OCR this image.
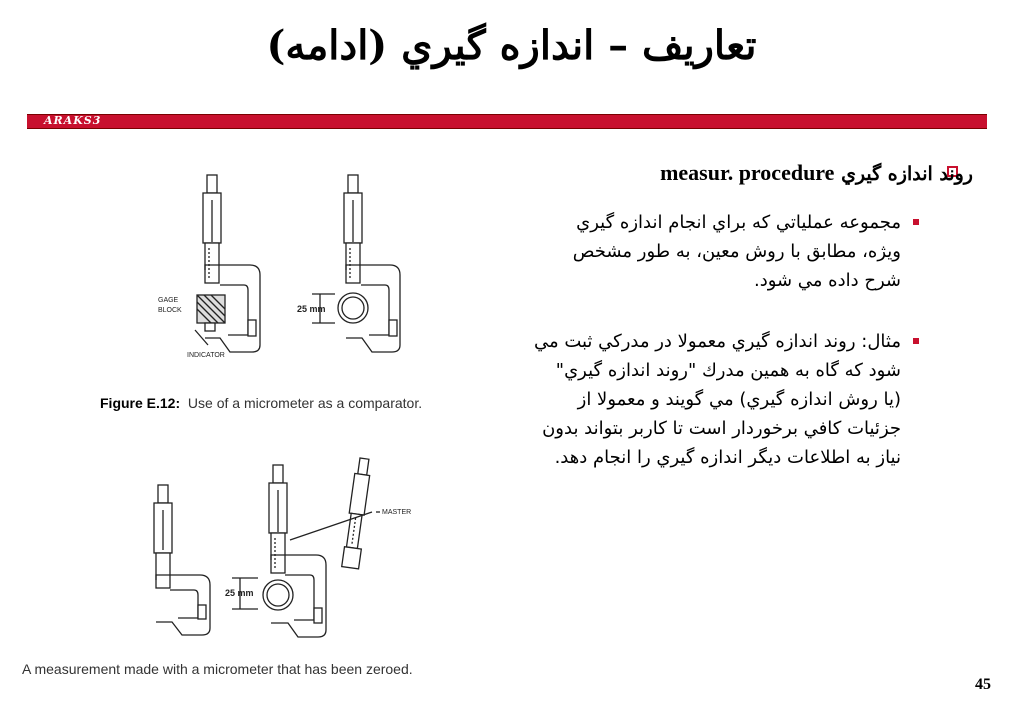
تعاريف – اندازه گيري (ادامه)
ARAKS3
روند اندازه گيري measur. procedure
مجموعه عملياتي كه براي انجام اندازه گيري
ويژه، مطابق با روش معين، به طور مشخص
شرح داده مي شود.
مثال: روند اندازه گيري معمولا در مدركي ثبت مي
شود كه گاه به همين مدرك "روند اندازه گيري"
(يا روش اندازه گيري) مي گويند و معمولا از
جزئيات كافي برخوردار است تا كاربر بتواند بدون
نياز به اطلاعات ديگر اندازه گيري را انجام دهد.
GAGE
BLOCK
INDICATOR
25 mm
Figure E.12: Use of a micrometer as a comparator.
MASTER
25 mm
A measurement made with a micrometer that has been zeroed.
45
